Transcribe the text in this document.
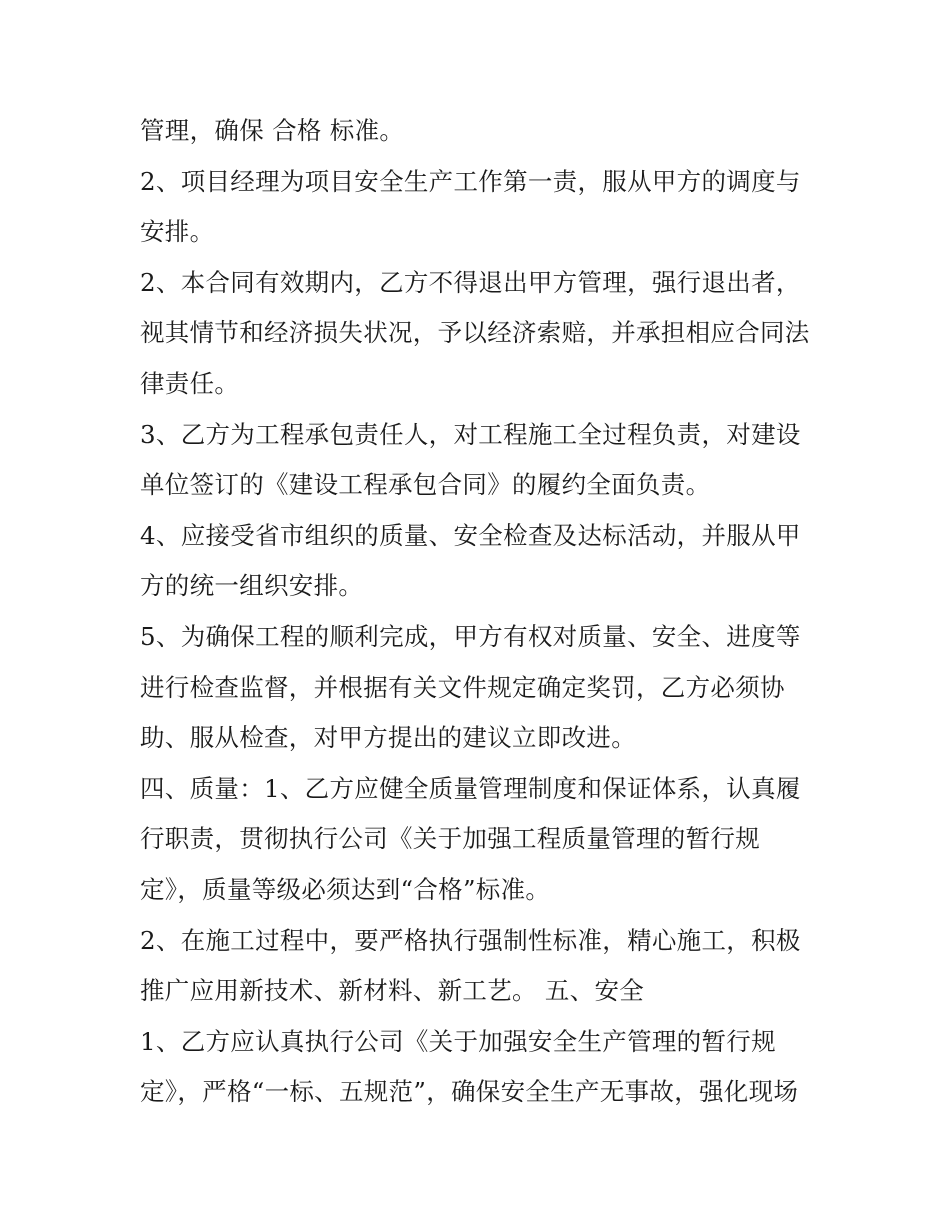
管理，确保 合格 标准。
2、项目经理为项目安全生产工作第一责，服从甲方的调度与
安排。
2、本合同有效期内，乙方不得退出甲方管理，强行退出者，
视其情节和经济损失状况，予以经济索赔，并承担相应合同法
律责任。
3、乙方为工程承包责任人，对工程施工全过程负责，对建设
单位签订的《建设工程承包合同》的履约全面负责。
4、应接受省市组织的质量、安全检查及达标活动，并服从甲
方的统一组织安排。
5、为确保工程的顺利完成，甲方有权对质量、安全、进度等
进行检查监督，并根据有关文件规定确定奖罚，乙方必须协
助、服从检查，对甲方提出的建议立即改进。
四、质量：1、乙方应健全质量管理制度和保证体系，认真履
行职责，贯彻执行公司《关于加强工程质量管理的暂行规
定》，质量等级必须达到“合格”标准。
2、在施工过程中，要严格执行强制性标准，精心施工，积极
推广应用新技术、新材料、新工艺。 五、安全
1、乙方应认真执行公司《关于加强安全生产管理的暂行规
定》，严格“一标、五规范”，确保安全生产无事故，强化现场
